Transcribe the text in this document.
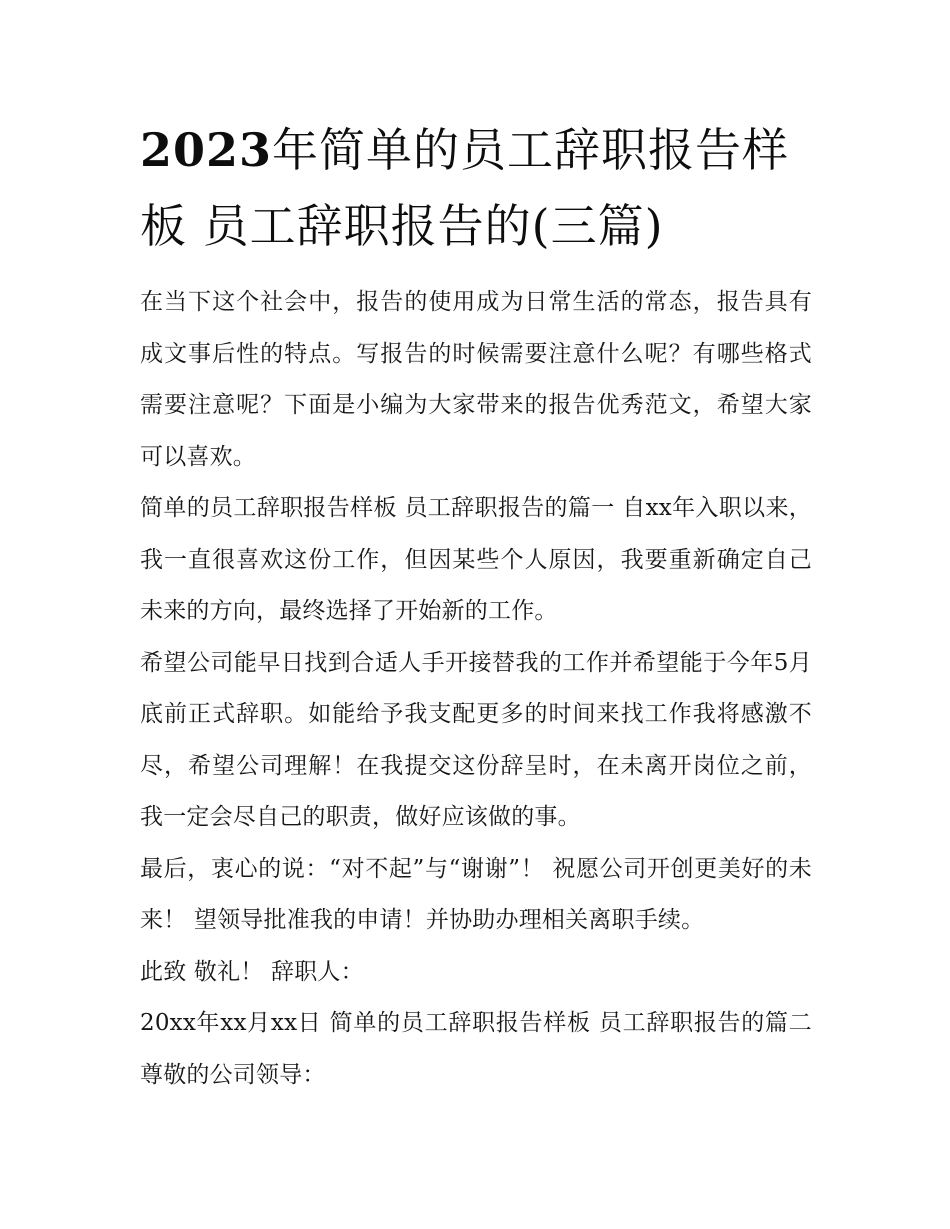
2023年简单的员工辞职报告样板 员工辞职报告的(三篇)

在当下这个社会中，报告的使用成为日常生活的常态，报告具有成文事后性的特点。写报告的时候需要注意什么呢？有哪些格式需要注意呢？下面是小编为大家带来的报告优秀范文，希望大家可以喜欢。

简单的员工辞职报告样板 员工辞职报告的篇一 自xx年入职以来，我一直很喜欢这份工作，但因某些个人原因，我要重新确定自己未来的方向，最终选择了开始新的工作。

希望公司能早日找到合适人手开接替我的工作并希望能于今年5月底前正式辞职。如能给予我支配更多的时间来找工作我将感激不尽，希望公司理解！在我提交这份辞呈时，在未离开岗位之前，我一定会尽自己的职责，做好应该做的事。

最后，衷心的说：“对不起”与“谢谢”！ 祝愿公司开创更美好的未来！ 望领导批准我的申请！并协助办理相关离职手续。

此致 敬礼！ 辞职人：

20xx年xx月xx日 简单的员工辞职报告样板 员工辞职报告的篇二 尊敬的公司领导：
